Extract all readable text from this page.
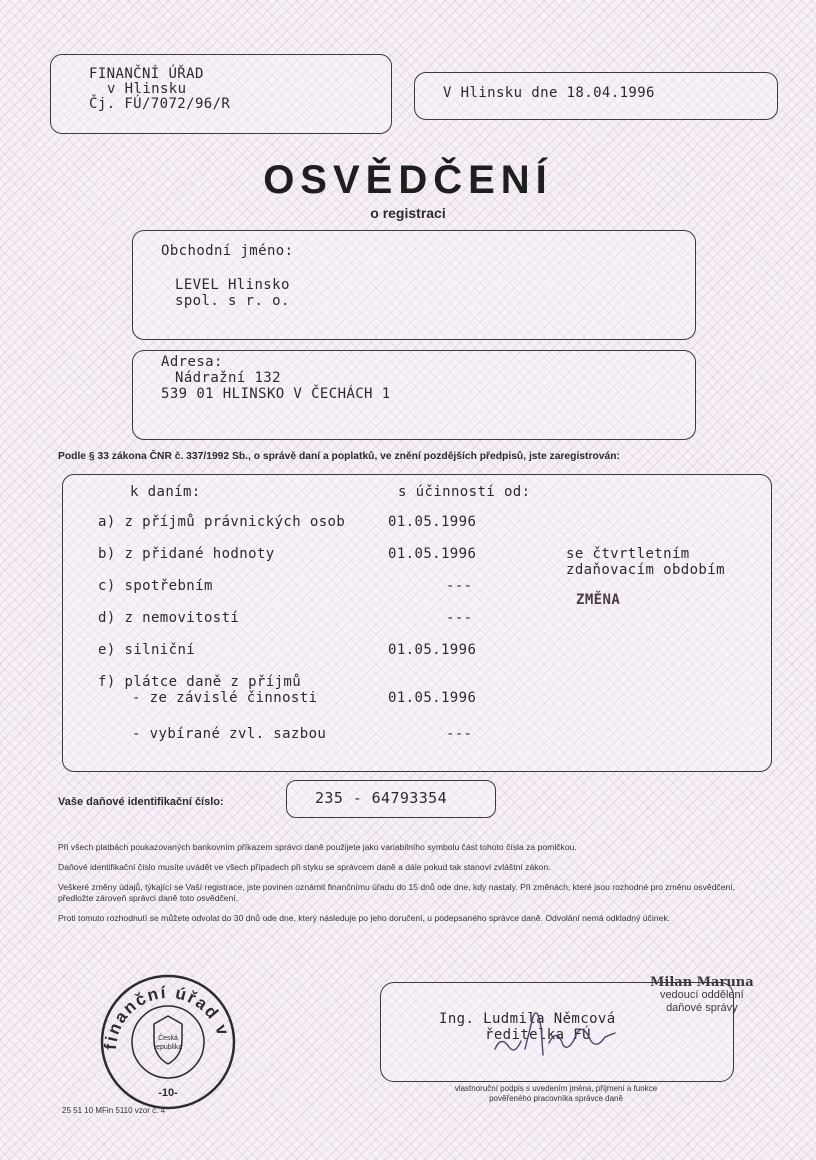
FINANČNÍ ÚŘAD
v Hlinsku
Čj. FÚ/7072/96/R
V Hlinsku dne 18.04.1996
OSVĚDČENÍ
o registraci
Obchodní jméno:
LEVEL Hlinsko
spol. s r. o.
Adresa:
Nádražní 132
539 01 HLINSKO V ČECHÁCH 1
Podle § 33 zákona ČNR č. 337/1992 Sb., o správě daní a poplatků, ve znění pozdějších předpisů, jste zaregistrován:
k daním:	s účinností od:
a) z příjmů právnických osob	01.05.1996
b) z přidané hodnoty	01.05.1996	se čtvrtletním
zdaňovacím obdobím
c) spotřebním	---
ZMĚNA
d) z nemovitostí	---
e) silniční	01.05.1996
f) plátce daně z příjmů
- ze závislé činnosti	01.05.1996
- vybírané zvl. sazbou	---
Vaše daňové identifikační číslo:	235 - 64793354

Při všech platbách poukazovaných bankovním příkazem správci daně použijete jako variabilního symbolu část tohoto čísla za pomlčkou.

Daňové identifikační číslo musíte uvádět ve všech případech při styku se správcem daně a dále pokud tak stanoví zvláštní zákon.

Veškeré změny údajů, týkající se Vaší registrace, jste povinen oznámit finančnímu úřadu do 15 dnů ode dne, kdy nastaly. Při změnách, které jsou rozhodné pro změnu osvědčení, předložte zároveň správci daně toto osvědčení.

Proti tomuto rozhodnutí se můžete odvolat do 30 dnů ode dne, který následuje po jeho doručení, u podepsaného správce daně. Odvolání nemá odkladný účinek.

finanční úřad v
Česká
republika
-10-
Ing. Ludmila Němcová
ředitelka FÚ
Milan Maruna
vedoucí oddělení
daňové správy
vlastnoruční podpis s uvedením jména, příjmení a funkce
pověřeného pracovníka správce daně
25 51 10 MFin 5110 vzor č. 4
